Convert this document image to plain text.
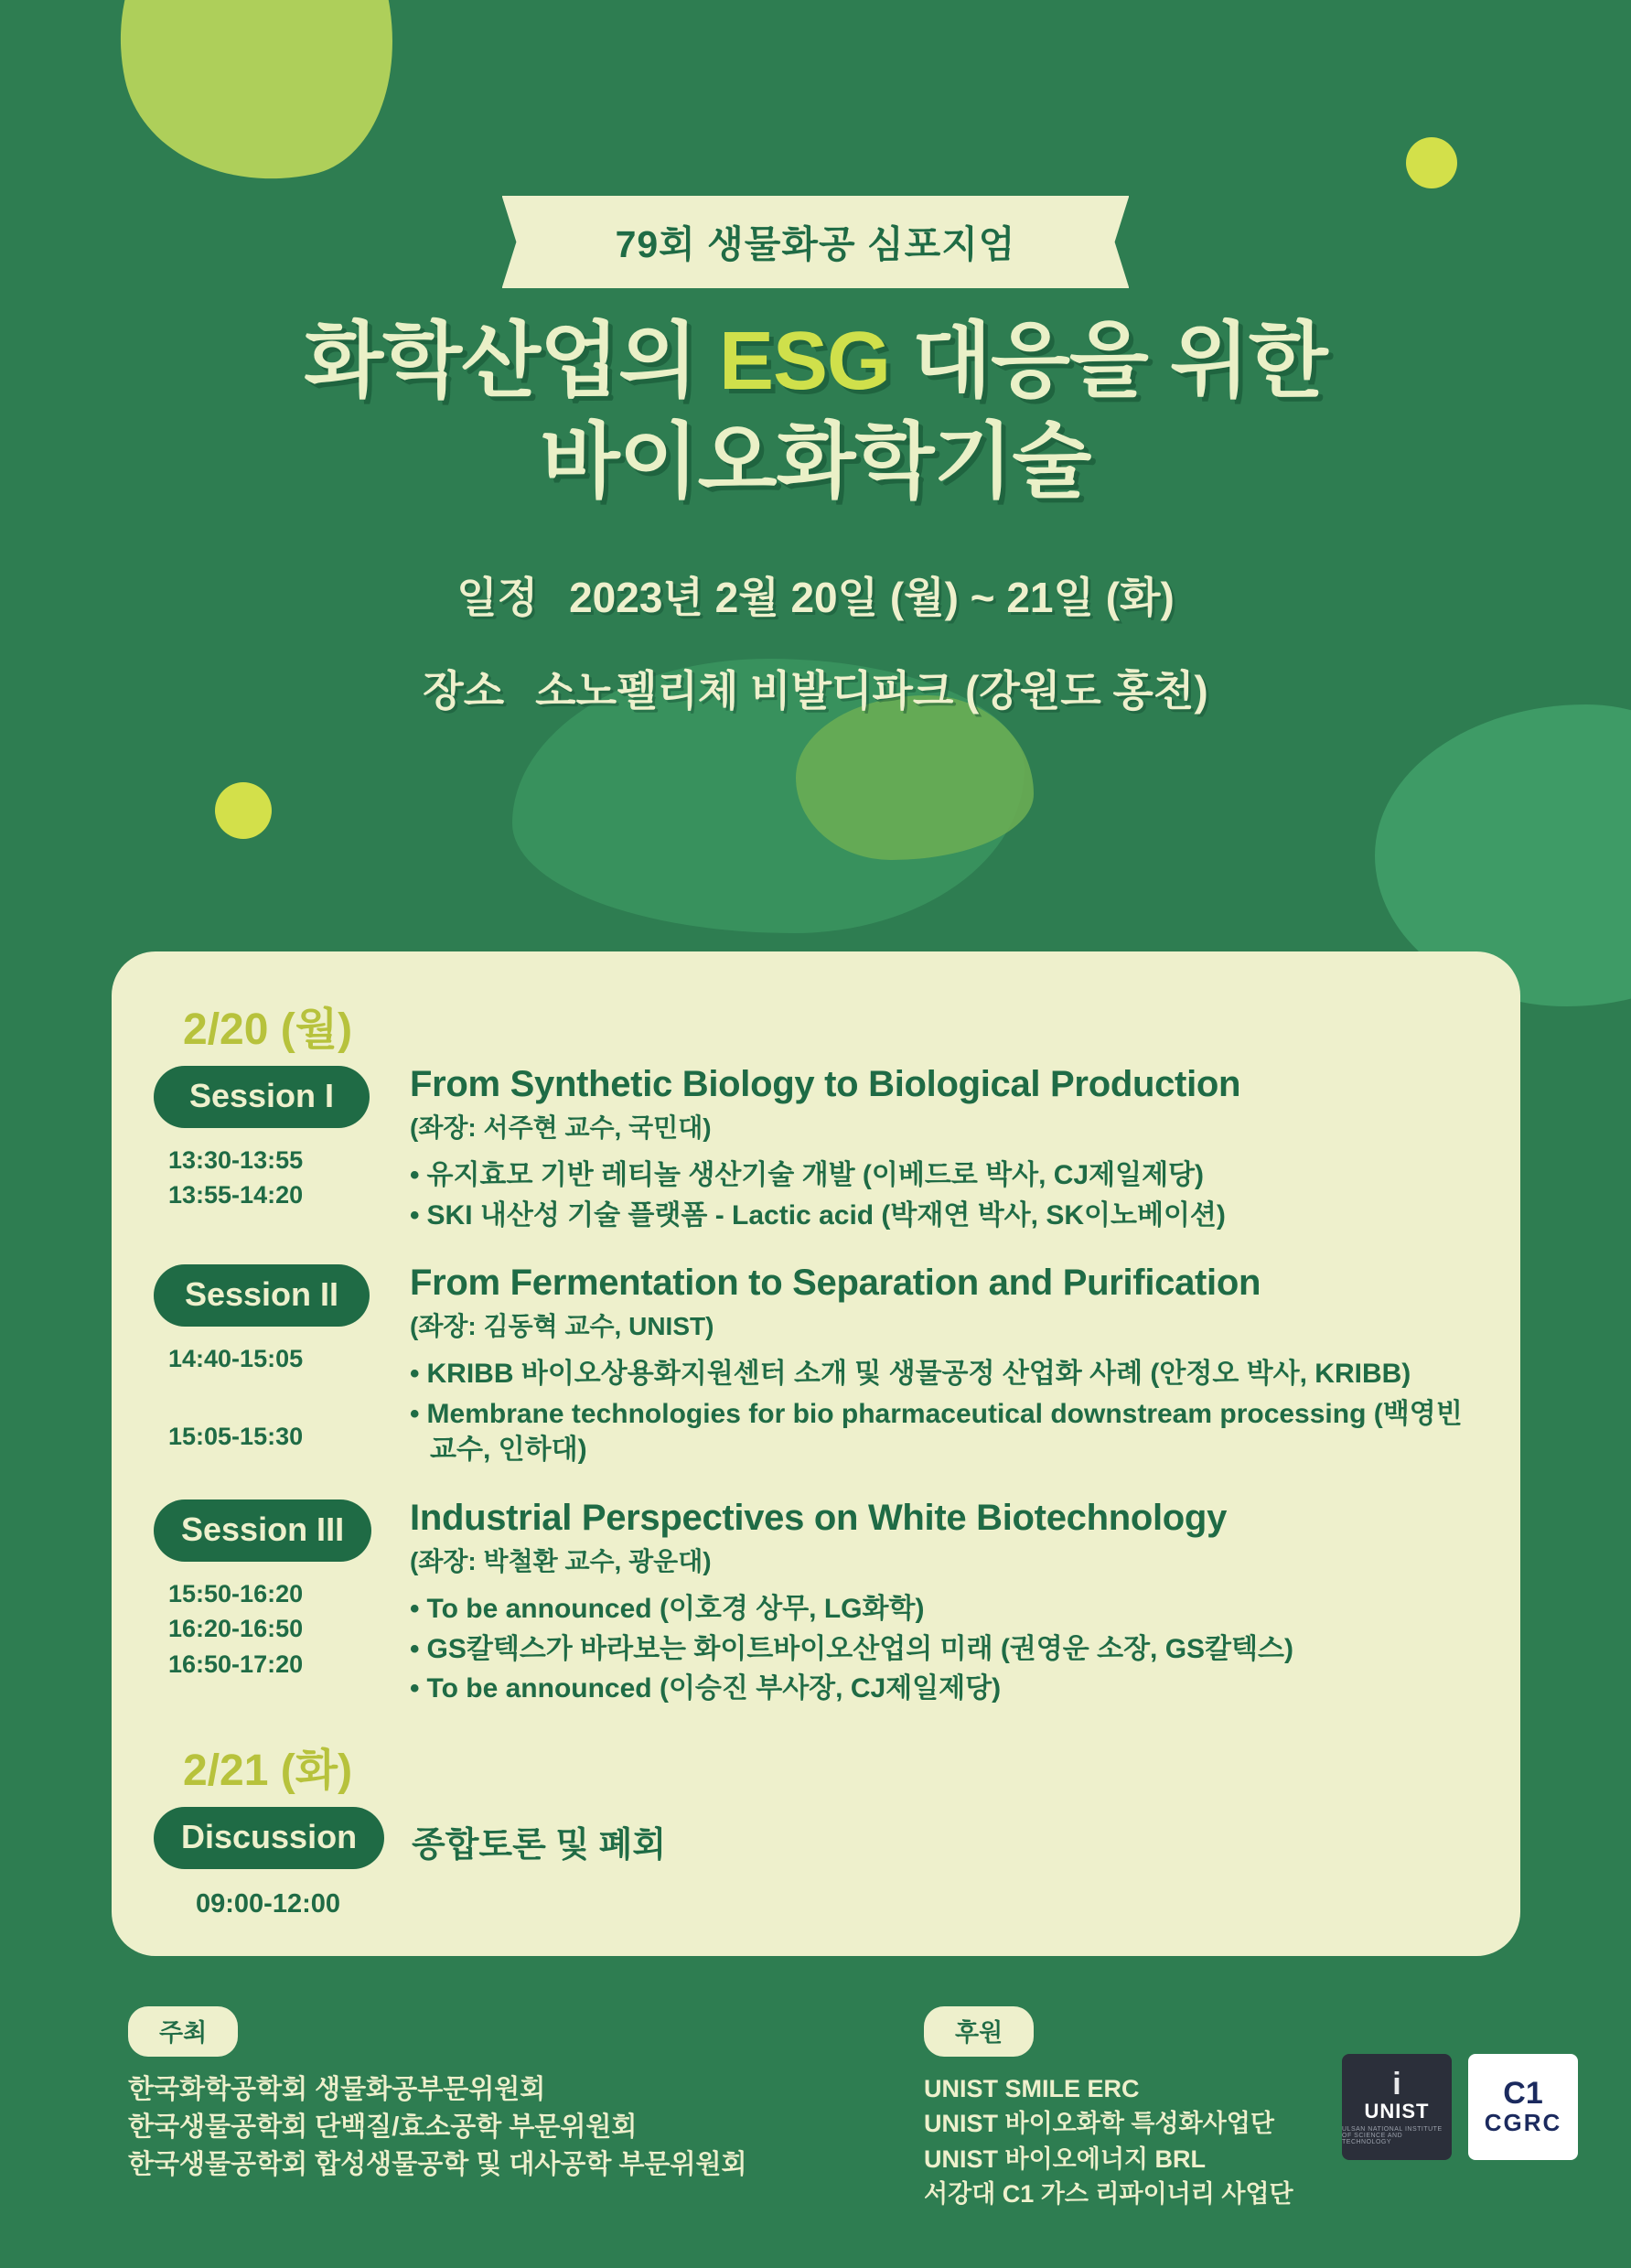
79회 생물화공 심포지엄
화학산업의 ESG 대응을 위한
바이오화학기술
일정 2023년 2월 20일 (월) ~ 21일 (화)
장소 소노펠리체 비발디파크 (강원도 홍천)
2/20 (월)
Session I
13:30-13:55
13:55-14:20
From Synthetic Biology to Biological Production
(좌장: 서주현 교수, 국민대)
• 유지효모 기반 레티놀 생산기술 개발 (이베드로 박사, CJ제일제당)
• SKI 내산성 기술 플랫폼 - Lactic acid (박재연 박사, SK이노베이션)
Session II
14:40-15:05
15:05-15:30
From Fermentation to Separation and Purification
(좌장: 김동혁 교수, UNIST)
• KRIBB 바이오상용화지원센터 소개 및 생물공정 산업화 사례 (안정오 박사, KRIBB)
• Membrane technologies for bio pharmaceutical downstream processing (백영빈 교수, 인하대)
Session III
15:50-16:20
16:20-16:50
16:50-17:20
Industrial Perspectives on White Biotechnology
(좌장: 박철환 교수, 광운대)
• To be announced (이호경 상무, LG화학)
• GS칼텍스가 바라보는 화이트바이오산업의 미래 (권영운 소장, GS칼텍스)
• To be announced (이승진 부사장, CJ제일제당)
2/21 (화)
Discussion
09:00-12:00
종합토론 및 폐회
주최
한국화학공학회 생물화공부문위원회
한국생물공학회 단백질/효소공학 부문위원회
한국생물공학회 합성생물공학 및 대사공학 부문위원회
후원
UNIST SMILE ERC
UNIST 바이오화학 특성화사업단
UNIST 바이오에너지 BRL
서강대 C1 가스 리파이너리 사업단
i
UNIST
ULSAN NATIONAL INSTITUTE OF SCIENCE AND TECHNOLOGY
C1
CGRC
